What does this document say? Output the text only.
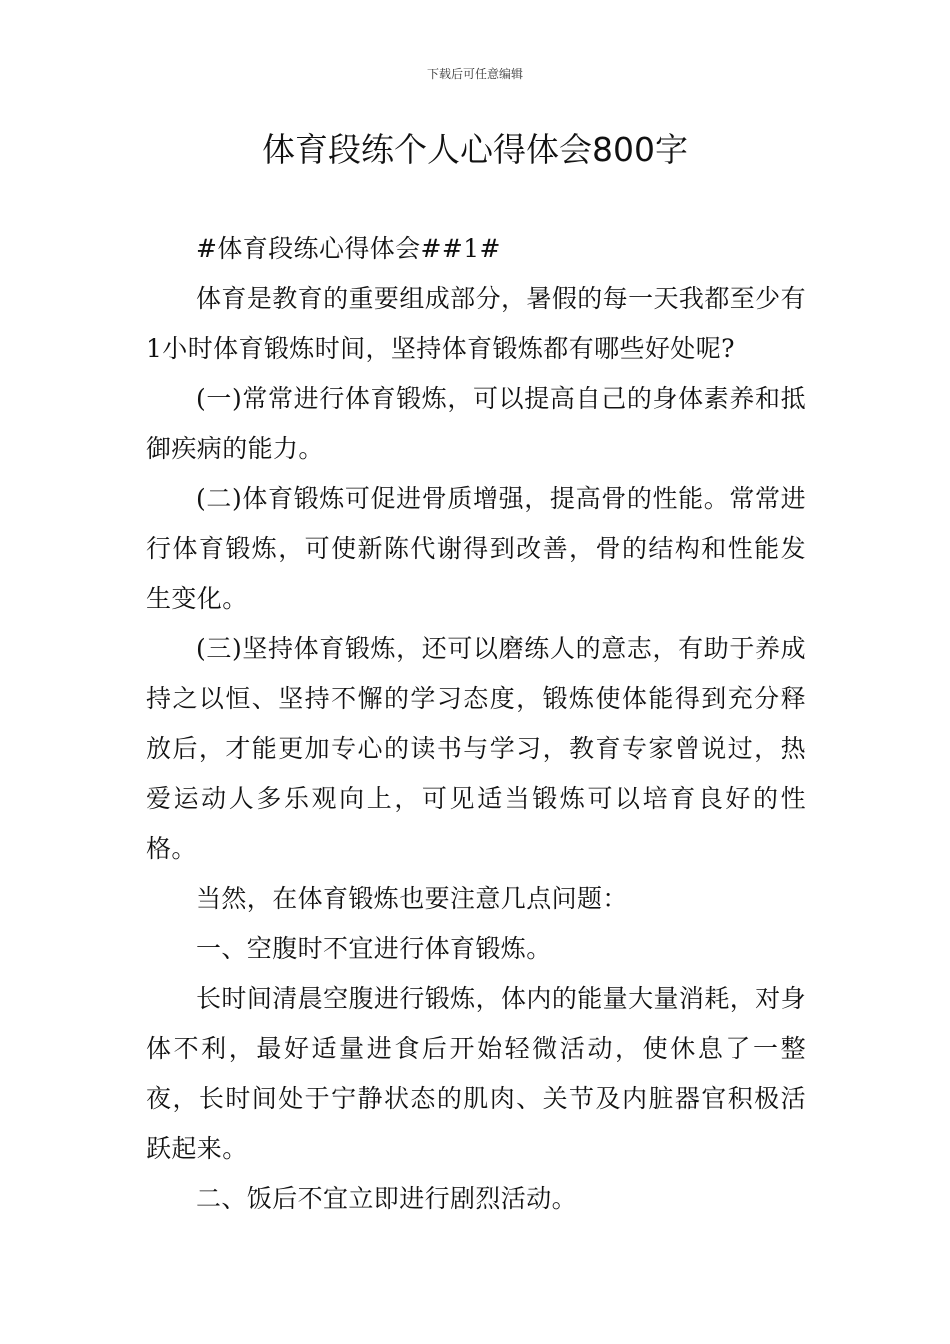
下载后可任意编辑
体育段练个人心得体会800字

#体育段练心得体会##1#

体育是教育的重要组成部分，暑假的每一天我都至少有1小时体育锻炼时间，坚持体育锻炼都有哪些好处呢?

(一)常常进行体育锻炼，可以提高自己的身体素养和抵御疾病的能力。

(二)体育锻炼可促进骨质增强，提高骨的性能。常常进行体育锻炼，可使新陈代谢得到改善，骨的结构和性能发生变化。

(三)坚持体育锻炼，还可以磨练人的意志，有助于养成持之以恒、坚持不懈的学习态度，锻炼使体能得到充分释放后，才能更加专心的读书与学习，教育专家曾说过，热爱运动人多乐观向上，可见适当锻炼可以培育良好的性格。

当然，在体育锻炼也要注意几点问题：

一、空腹时不宜进行体育锻炼。

长时间清晨空腹进行锻炼，体内的能量大量消耗，对身体不利，最好适量进食后开始轻微活动，使休息了一整夜，长时间处于宁静状态的肌肉、关节及内脏器官积极活跃起来。

二、饭后不宜立即进行剧烈活动。
